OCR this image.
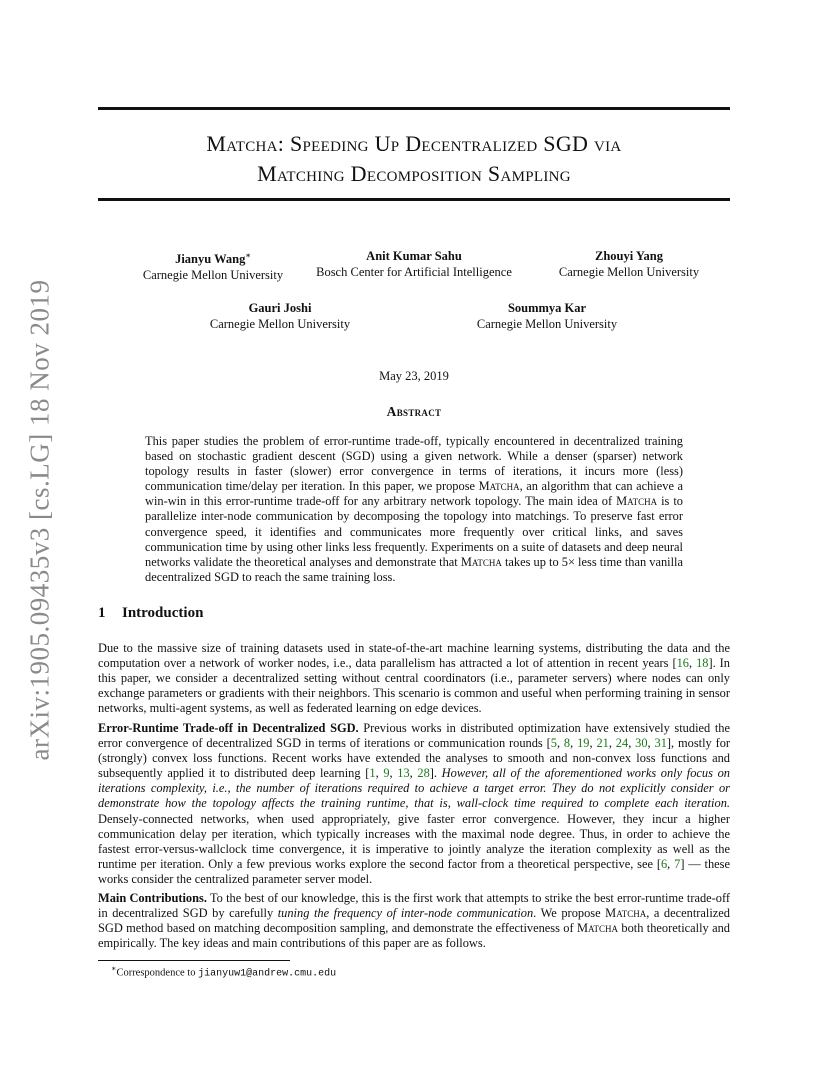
arXiv:1905.09435v3 [cs.LG] 18 Nov 2019
Matcha: Speeding Up Decentralized SGD via
Matching Decomposition Sampling
Jianyu Wang∗
Carnegie Mellon University
Anit Kumar Sahu
Bosch Center for Artificial Intelligence
Zhouyi Yang
Carnegie Mellon University
Gauri Joshi
Carnegie Mellon University
Soummya Kar
Carnegie Mellon University
May 23, 2019
Abstract

This paper studies the problem of error-runtime trade-off, typically encountered in decentralized training based on stochastic gradient descent (SGD) using a given network. While a denser (sparser) network topology results in faster (slower) error convergence in terms of iterations, it incurs more (less) communication time/delay per iteration. In this paper, we propose Matcha, an algorithm that can achieve a win-win in this error-runtime trade-off for any arbitrary network topology. The main idea of Matcha is to parallelize inter-node communication by decomposing the topology into matchings. To preserve fast error convergence speed, it identifies and communicates more frequently over critical links, and saves communication time by using other links less frequently. Experiments on a suite of datasets and deep neural networks validate the theoretical analyses and demonstrate that Matcha takes up to 5× less time than vanilla decentralized SGD to reach the same training loss.

1 Introduction

Due to the massive size of training datasets used in state-of-the-art machine learning systems, distributing the data and the computation over a network of worker nodes, i.e., data parallelism has attracted a lot of attention in recent years [16, 18]. In this paper, we consider a decentralized setting without central coordinators (i.e., parameter servers) where nodes can only exchange parameters or gradients with their neighbors. This scenario is common and useful when performing training in sensor networks, multi-agent systems, as well as federated learning on edge devices.

Error-Runtime Trade-off in Decentralized SGD. Previous works in distributed optimization have extensively studied the error convergence of decentralized SGD in terms of iterations or communication rounds [5, 8, 19, 21, 24, 30, 31], mostly for (strongly) convex loss functions. Recent works have extended the analyses to smooth and non-convex loss functions and subsequently applied it to distributed deep learning [1, 9, 13, 28]. However, all of the aforementioned works only focus on iterations complexity, i.e., the number of iterations required to achieve a target error. They do not explicitly consider or demonstrate how the topology affects the training runtime, that is, wall-clock time required to complete each iteration. Densely-connected networks, when used appropriately, give faster error convergence. However, they incur a higher communication delay per iteration, which typically increases with the maximal node degree. Thus, in order to achieve the fastest error-versus-wallclock time convergence, it is imperative to jointly analyze the iteration complexity as well as the runtime per iteration. Only a few previous works explore the second factor from a theoretical perspective, see [6, 7] — these works consider the centralized parameter server model.

Main Contributions. To the best of our knowledge, this is the first work that attempts to strike the best error-runtime trade-off in decentralized SGD by carefully tuning the frequency of inter-node communication. We propose Matcha, a decentralized SGD method based on matching decomposition sampling, and demonstrate the effectiveness of Matcha both theoretically and empirically. The key ideas and main contributions of this paper are as follows.

∗Correspondence to jianyuw1@andrew.cmu.edu
